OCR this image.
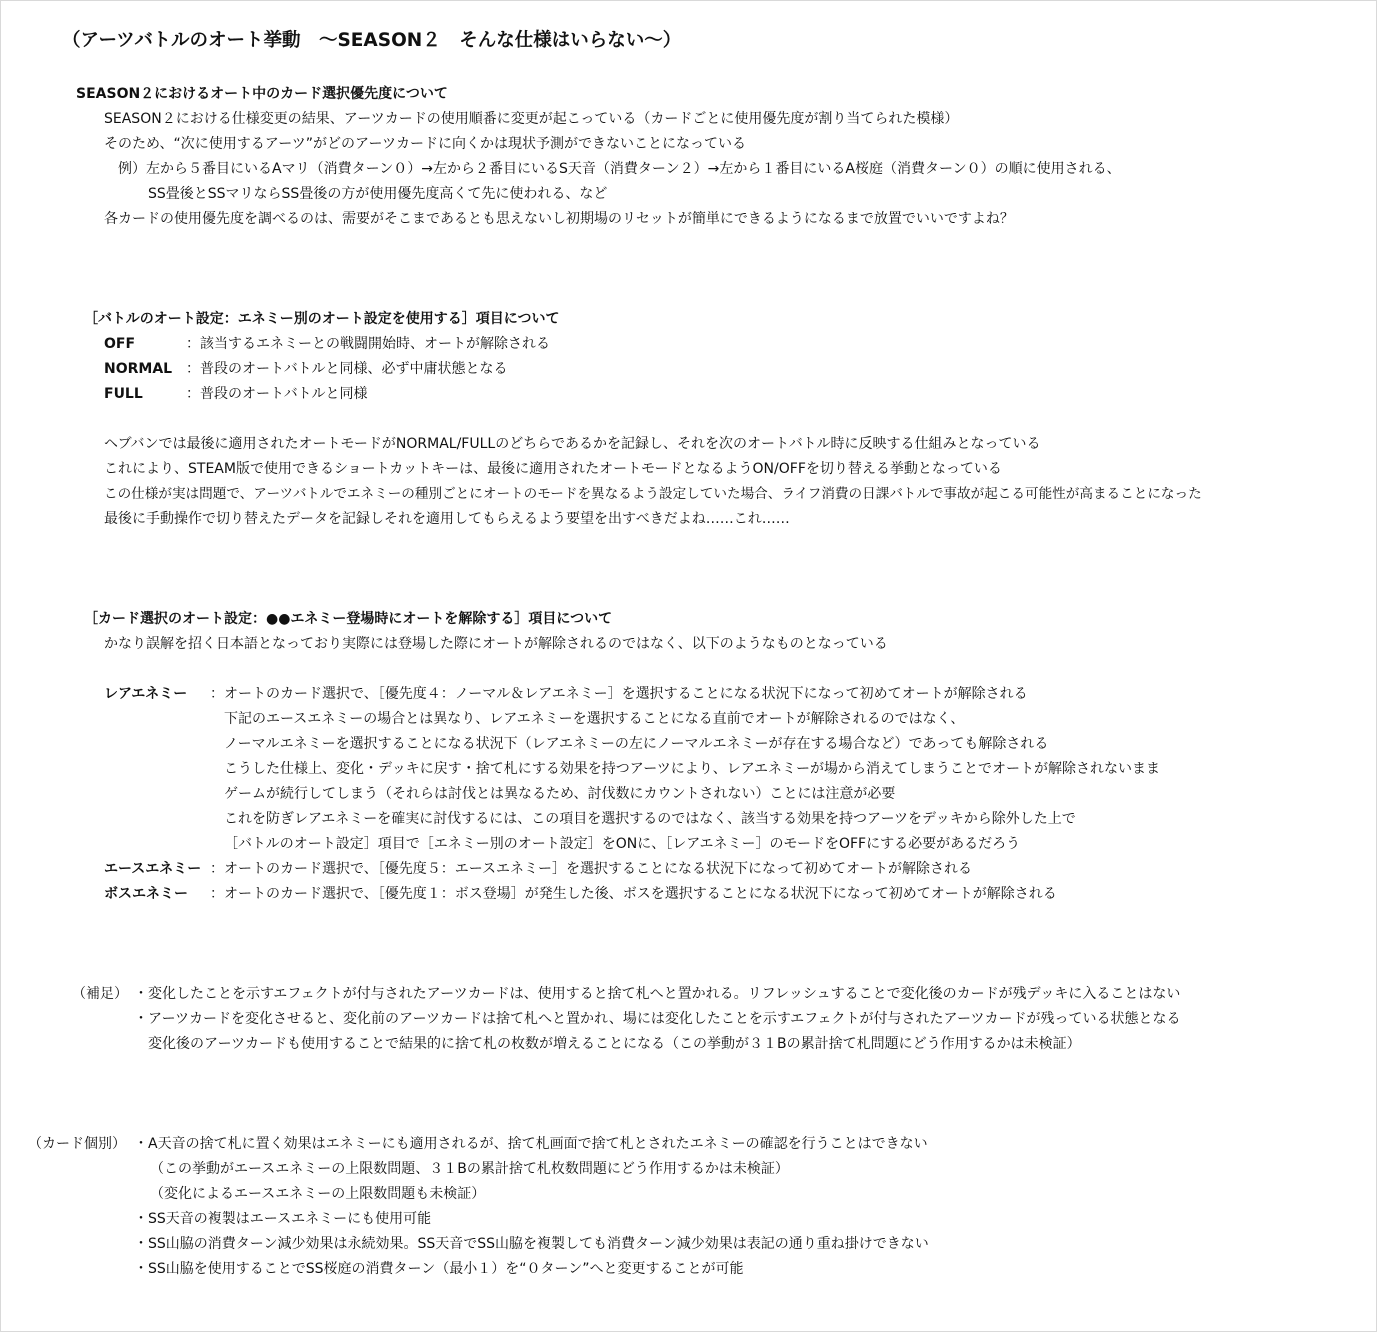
（アーツバトルのオート挙動　～SEASON２　そんな仕様はいらない～）
SEASON２におけるオート中のカード選択優先度について
SEASON２における仕様変更の結果、アーツカードの使用順番に変更が起こっている（カードごとに使用優先度が割り当てられた模様）
そのため、“次に使用するアーツ”がどのアーツカードに向くかは現状予測ができないことになっている
例）左から５番目にいるAマリ（消費ターン０）→左から２番目にいるS天音（消費ターン２）→左から１番目にいるA桜庭（消費ターン０）の順に使用される、
SS畳後とSSマリならSS畳後の方が使用優先度高くて先に使われる、など
各カードの使用優先度を調べるのは、需要がそこまであるとも思えないし初期場のリセットが簡単にできるようになるまで放置でいいですよね？
［バトルのオート設定：エネミー別のオート設定を使用する］項目について
OFF	：該当するエネミーとの戦闘開始時、オートが解除される
NORMAL ：普段のオートバトルと同様、必ず中庸状態となる
FULL	：普段のオートバトルと同様
ヘブバンでは最後に適用されたオートモードがNORMAL/FULLのどちらであるかを記録し、それを次のオートバトル時に反映する仕組みとなっている
これにより、STEAM版で使用できるショートカットキーは、最後に適用されたオートモードとなるようON/OFFを切り替える挙動となっている
この仕様が実は問題で、アーツバトルでエネミーの種別ごとにオートのモードを異なるよう設定していた場合、ライフ消費の日課バトルで事故が起こる可能性が高まることになった
最後に手動操作で切り替えたデータを記録しそれを適用してもらえるよう要望を出すべきだよね……これ……
［カード選択のオート設定：●●エネミー登場時にオートを解除する］項目について
かなり誤解を招く日本語となっており実際には登場した際にオートが解除されるのではなく、以下のようなものとなっている
レアエネミー ：オートのカード選択で、［優先度４：ノーマル＆レアエネミー］を選択することになる状況下になって初めてオートが解除される
下記のエースエネミーの場合とは異なり、レアエネミーを選択することになる直前でオートが解除されるのではなく、
ノーマルエネミーを選択することになる状況下（レアエネミーの左にノーマルエネミーが存在する場合など）であっても解除される
こうした仕様上、変化・デッキに戻す・捨て札にする効果を持つアーツにより、レアエネミーが場から消えてしまうことでオートが解除されないまま
ゲームが続行してしまう（それらは討伐とは異なるため、討伐数にカウントされない）ことには注意が必要
これを防ぎレアエネミーを確実に討伐するには、この項目を選択するのではなく、該当する効果を持つアーツをデッキから除外した上で
［バトルのオート設定］項目で［エネミー別のオート設定］をONに、［レアエネミー］のモードをOFFにする必要があるだろう
エースエネミー ：オートのカード選択で、［優先度５：エースエネミー］を選択することになる状況下になって初めてオートが解除される
ボスエネミー ：オートのカード選択で、［優先度１：ボス登場］が発生した後、ボスを選択することになる状況下になって初めてオートが解除される
（補足） ・変化したことを示すエフェクトが付与されたアーツカードは、使用すると捨て札へと置かれる。リフレッシュすることで変化後のカードが残デッキに入ることはない
・アーツカードを変化させると、変化前のアーツカードは捨て札へと置かれ、場には変化したことを示すエフェクトが付与されたアーツカードが残っている状態となる
変化後のアーツカードも使用することで結果的に捨て札の枚数が増えることになる（この挙動が３１Bの累計捨て札問題にどう作用するかは未検証）
（カード個別） ・A天音の捨て札に置く効果はエネミーにも適用されるが、捨て札画面で捨て札とされたエネミーの確認を行うことはできない
（この挙動がエースエネミーの上限数問題、３１Bの累計捨て札枚数問題にどう作用するかは未検証）
（変化によるエースエネミーの上限数問題も未検証）
・SS天音の複製はエースエネミーにも使用可能
・SS山脇の消費ターン減少効果は永続効果。SS天音でSS山脇を複製しても消費ターン減少効果は表記の通り重ね掛けできない
・SS山脇を使用することでSS桜庭の消費ターン（最小１）を“０ターン”へと変更することが可能
